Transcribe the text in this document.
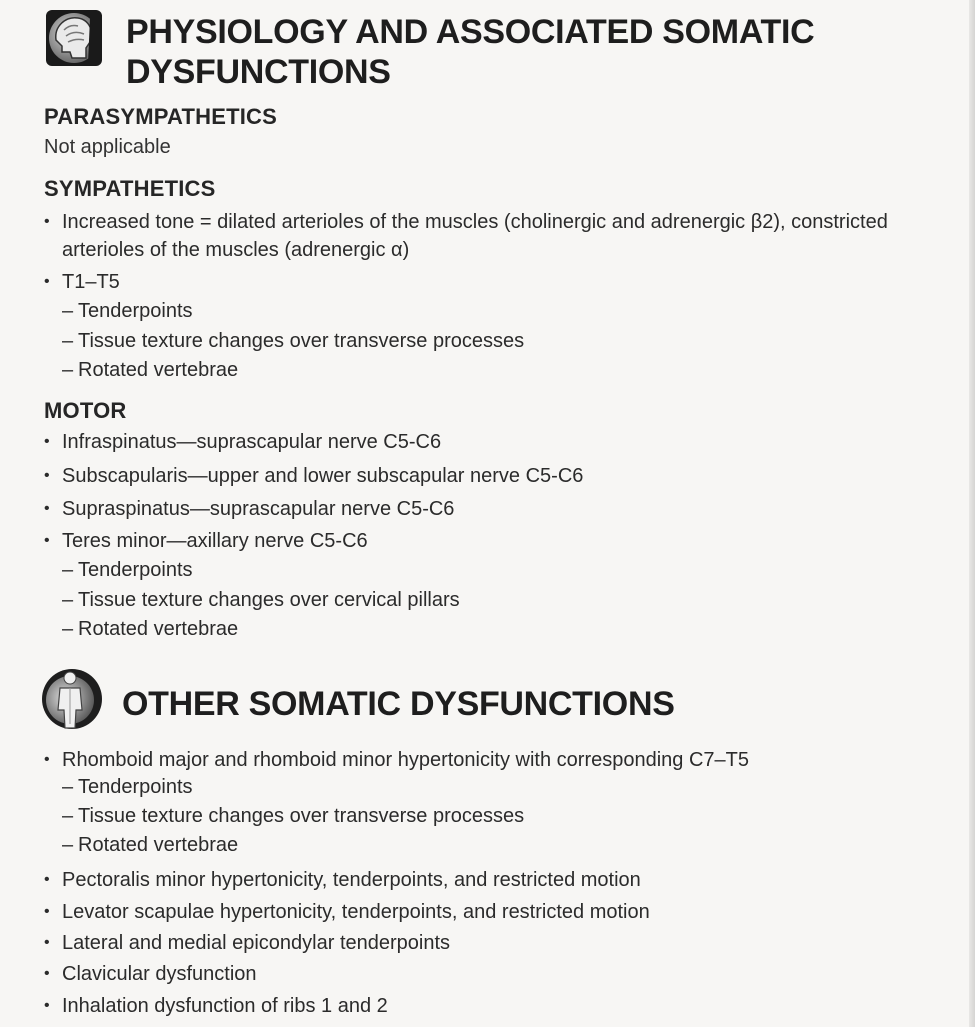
PHYSIOLOGY AND ASSOCIATED SOMATIC
DYSFUNCTIONS
PARASYMPATHETICS
Not applicable
SYMPATHETICS
• Increased tone = dilated arterioles of the muscles (cholinergic and adrenergic β2), constricted
arterioles of the muscles (adrenergic α)
• T1–T5
– Tenderpoints
– Tissue texture changes over transverse processes
– Rotated vertebrae
MOTOR
• Infraspinatus—suprascapular nerve C5-C6
• Subscapularis—upper and lower subscapular nerve C5-C6
• Supraspinatus—suprascapular nerve C5-C6
• Teres minor—axillary nerve C5-C6
– Tenderpoints
– Tissue texture changes over cervical pillars
– Rotated vertebrae
OTHER SOMATIC DYSFUNCTIONS
• Rhomboid major and rhomboid minor hypertonicity with corresponding C7–T5
– Tenderpoints
– Tissue texture changes over transverse processes
– Rotated vertebrae
• Pectoralis minor hypertonicity, tenderpoints, and restricted motion
• Levator scapulae hypertonicity, tenderpoints, and restricted motion
• Lateral and medial epicondylar tenderpoints
• Clavicular dysfunction
• Inhalation dysfunction of ribs 1 and 2
